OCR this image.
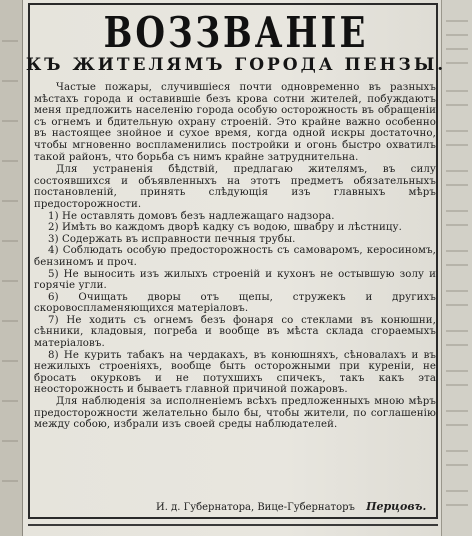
ВОЗЗВАНIЕ
КЪ ЖИТЕЛЯМЪ ГОРОДА ПЕНЗЫ.

Частые пожары, случившiеся почти одновременно въ разныхъ мѣстахъ города и оставившiе безъ крова сотни жителей, побуждаютъ меня предложить населенiю города особую осторожность въ обращенiи съ огнемъ и бдительную охрану строенiй. Это крайне важно особенно въ настоящее знойное и сухое время, когда одной искры достаточно, чтобы мгновенно воспламенились постройки и огонь быстро охватилъ такой районъ, что борьба съ нимъ крайне затруднительна.

Для устраненiя бѣдствiй, предлагаю жителямъ, въ силу состоявшихся и объявленныхъ на этотъ предметъ обязательныхъ постановленiй, принять слѣдующiя изъ главныхъ мѣръ предосторожности.

1) Не оставлять домовъ безъ надлежащаго надзора.

2) Имѣть во каждомъ дворѣ кадку съ водою, швабру и лѣстницу.

3) Содержать въ исправности печныя трубы.

4) Соблюдать особую предосторожность съ самоваромъ, керосиномъ, бензиномъ и проч.

5) Не выносить изъ жилыхъ строенiй и кухонъ не остывшую золу и горячiе угли.

6) Очищать дворы отъ щепы, стружекъ и другихъ скоровоспламеняющихся матерiаловъ.

7) Не ходить съ огнемъ безъ фонаря со стеклами въ конюшни, сѣнники, кладовыя, погреба и вообще въ мѣста склада сгораемыхъ матерiаловъ.

8) Не курить табакъ на чердакахъ, въ конюшняхъ, сѣновалахъ и въ нежилыхъ строенiяхъ, вообще быть осторожными при курeнiи, не бросать окурковъ и не потухшихъ спичекъ, такъ какъ эта неосторожность и бываетъ главной причиной пожаровъ.

Для наблюденiя за исполненiемъ всѣхъ предложенныхъ мною мѣръ предосторожности желательно было бы, чтобы жители, по соглашенiю между собою, избрали изъ своей среды наблюдателей.

И. д. Губернатора, Вице-Губернаторъ Перцовъ.
